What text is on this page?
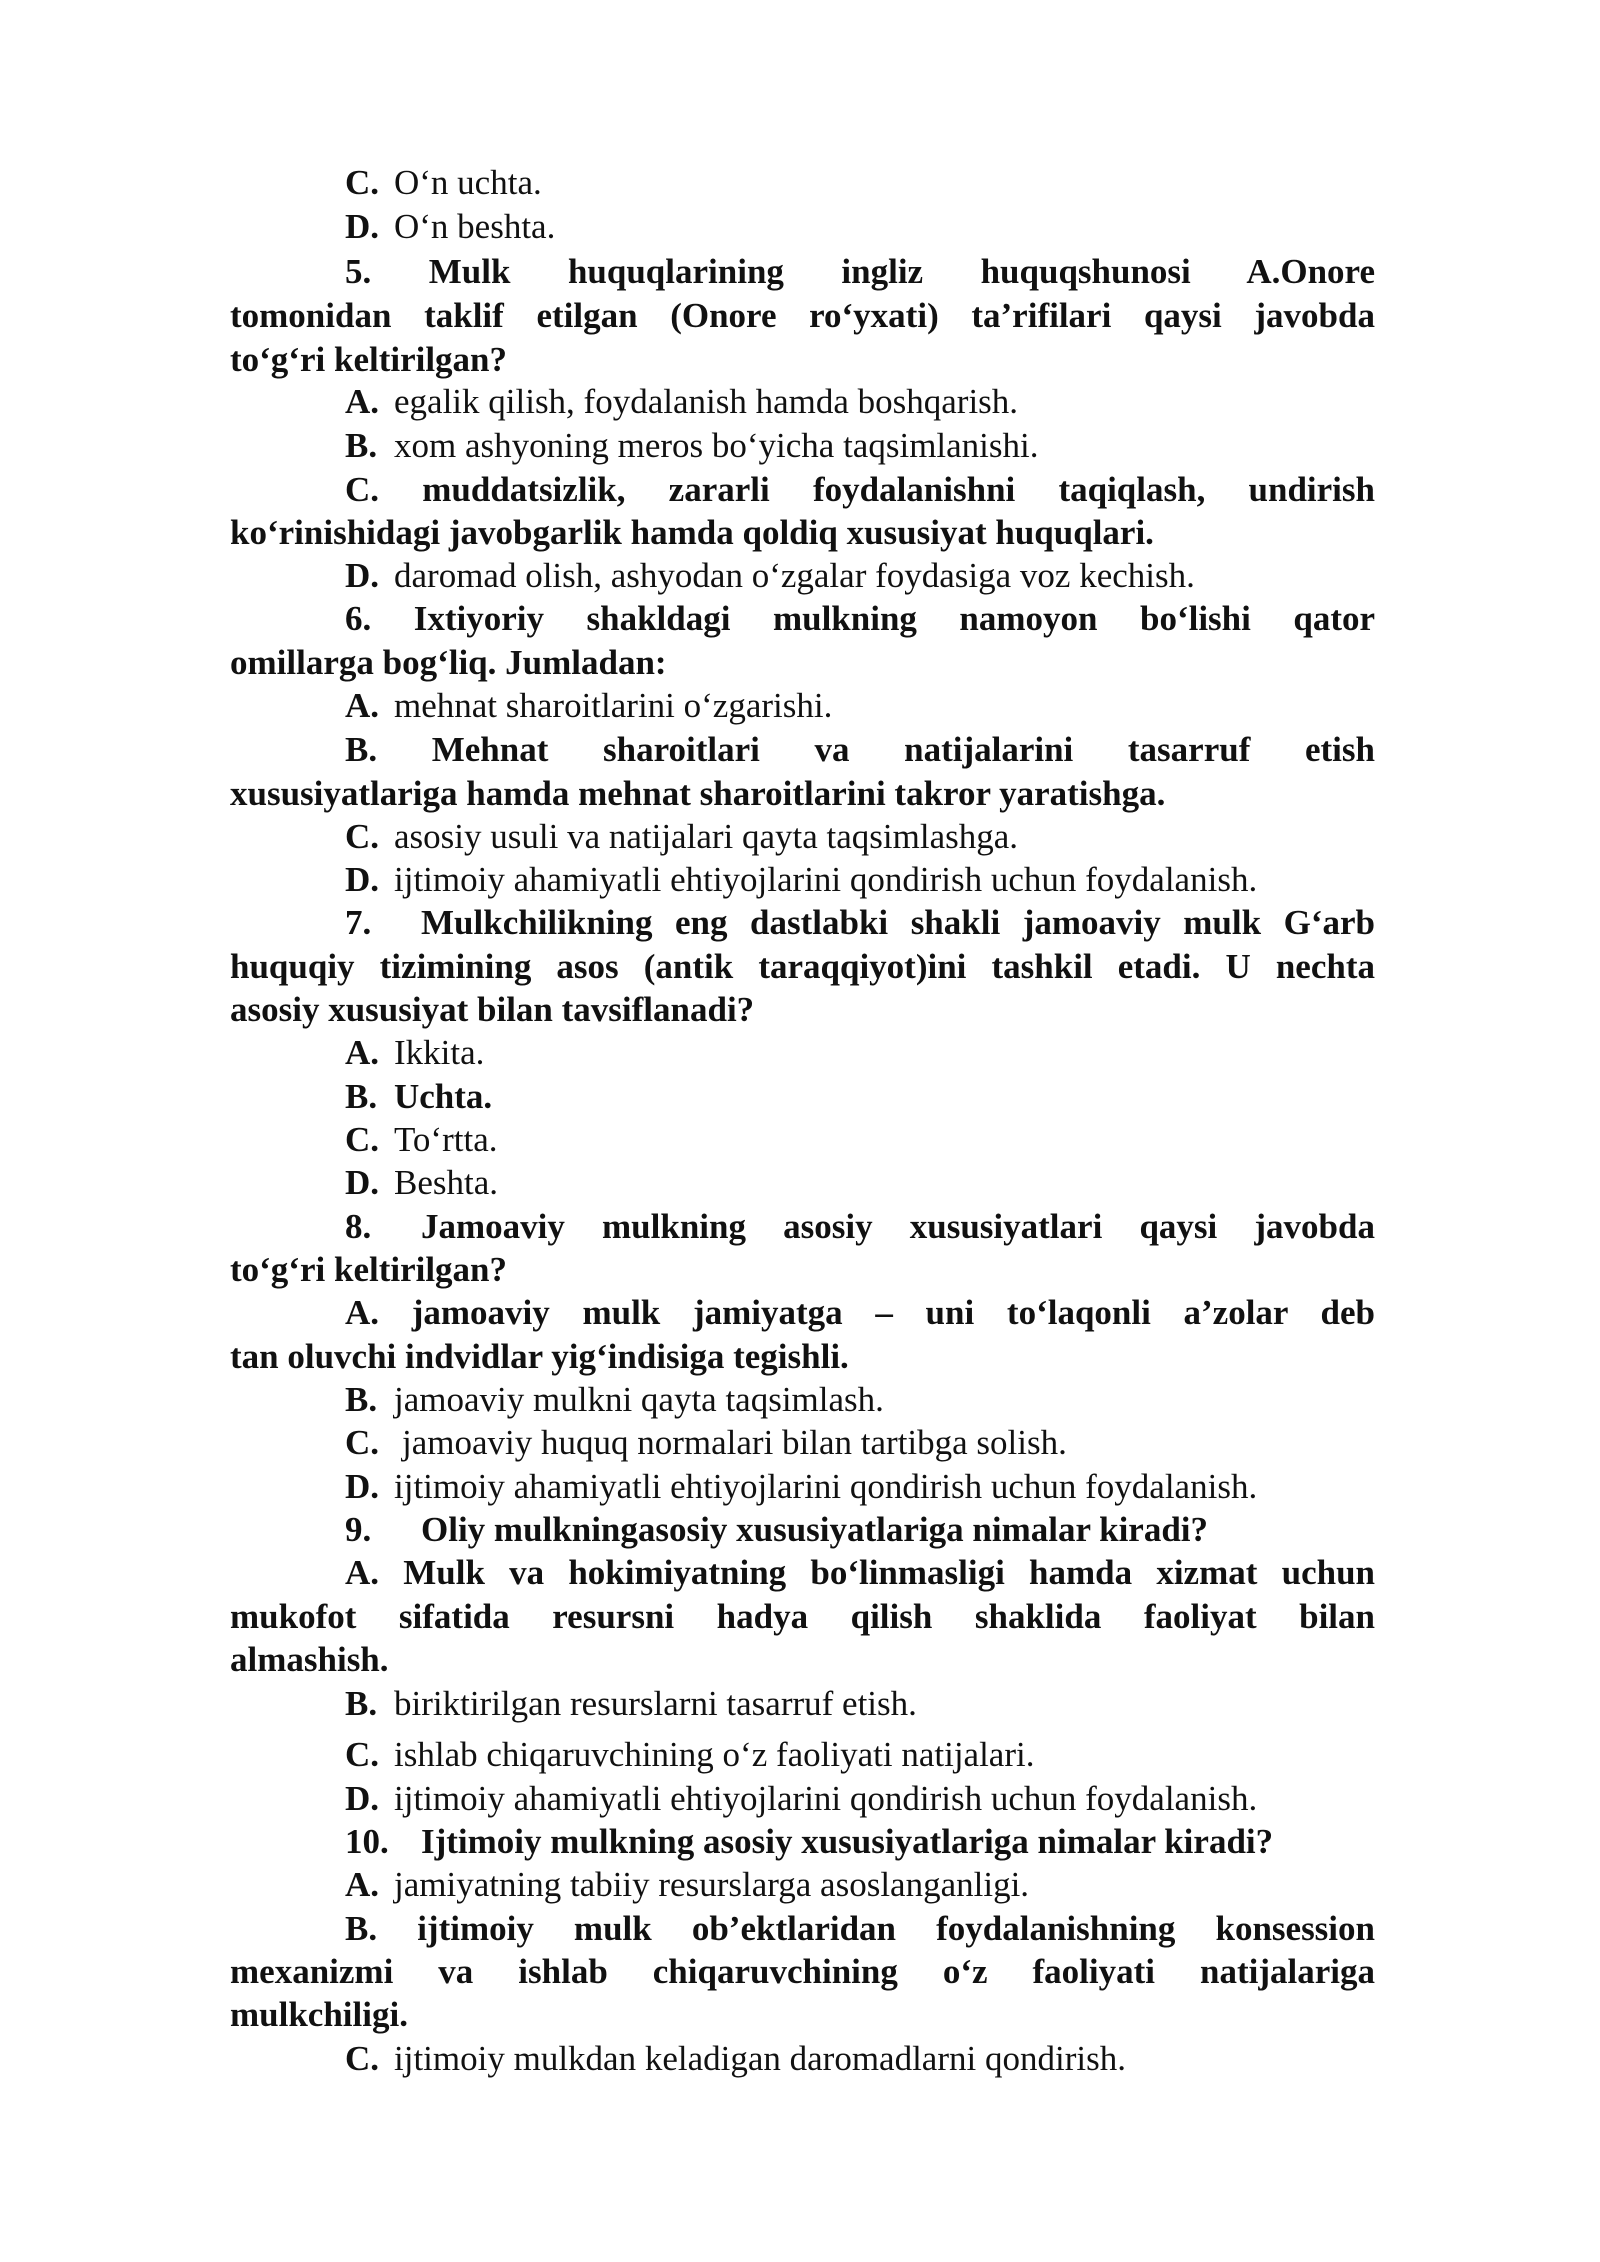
C. O‘n uchta.
D. O‘n beshta.
5. Mulk huquqlarining ingliz huquqshunosi A.Onore
tomonidan taklif etilgan (Onore ro‘yxati) ta’rifilari qaysi javobda
to‘g‘ri keltirilgan?
A. egalik qilish, foydalanish hamda boshqarish.
B. xom ashyoning meros bo‘yicha taqsimlanishi.
C. muddatsizlik, zararli foydalanishni taqiqlash, undirish
ko‘rinishidagi javobgarlik hamda qoldiq xususiyat huquqlari.
D. daromad olish, ashyodan o‘zgalar foydasiga voz kechish.
6. Ixtiyoriy shakldagi mulkning namoyon bo‘lishi qator
omillarga bog‘liq. Jumladan:
A. mehnat sharoitlarini o‘zgarishi.
B. Mehnat sharoitlari va natijalarini tasarruf etish
xususiyatlariga hamda mehnat sharoitlarini takror yaratishga.
C. asosiy usuli va natijalari qayta taqsimlashga.
D. ijtimoiy ahamiyatli ehtiyojlarini qondirish uchun foydalanish.
7. Mulkchilikning eng dastlabki shakli jamoaviy mulk G‘arb
huquqiy tizimining asos (antik taraqqiyot)ini tashkil etadi. U nechta
asosiy xususiyat bilan tavsiflanadi?
A. Ikkita.
B. Uchta.
C. To‘rtta.
D. Beshta.
8. Jamoaviy mulkning asosiy xususiyatlari qaysi javobda
to‘g‘ri keltirilgan?
A. jamoaviy mulk jamiyatga – uni to‘laqonli a’zolar deb
tan oluvchi indvidlar yig‘indisiga tegishli.
B. jamoaviy mulkni qayta taqsimlash.
C. jamoaviy huquq normalari bilan tartibga solish.
D. ijtimoiy ahamiyatli ehtiyojlarini qondirish uchun foydalanish.
9. Oliy mulkningasosiy xususiyatlariga nimalar kiradi?
A. Mulk va hokimiyatning bo‘linmasligi hamda xizmat uchun
mukofot sifatida resursni hadya qilish shaklida faoliyat bilan
almashish.
B. biriktirilgan resurslarni tasarruf etish.
C. ishlab chiqaruvchining o‘z faoliyati natijalari.
D. ijtimoiy ahamiyatli ehtiyojlarini qondirish uchun foydalanish.
10. Ijtimoiy mulkning asosiy xususiyatlariga nimalar kiradi?
A. jamiyatning tabiiy resurslarga asoslanganligi.
B. ijtimoiy mulk ob’ektlaridan foydalanishning konsession
mexanizmi va ishlab chiqaruvchining o‘z faoliyati natijalariga
mulkchiligi.
C. ijtimoiy mulkdan keladigan daromadlarni qondirish.
